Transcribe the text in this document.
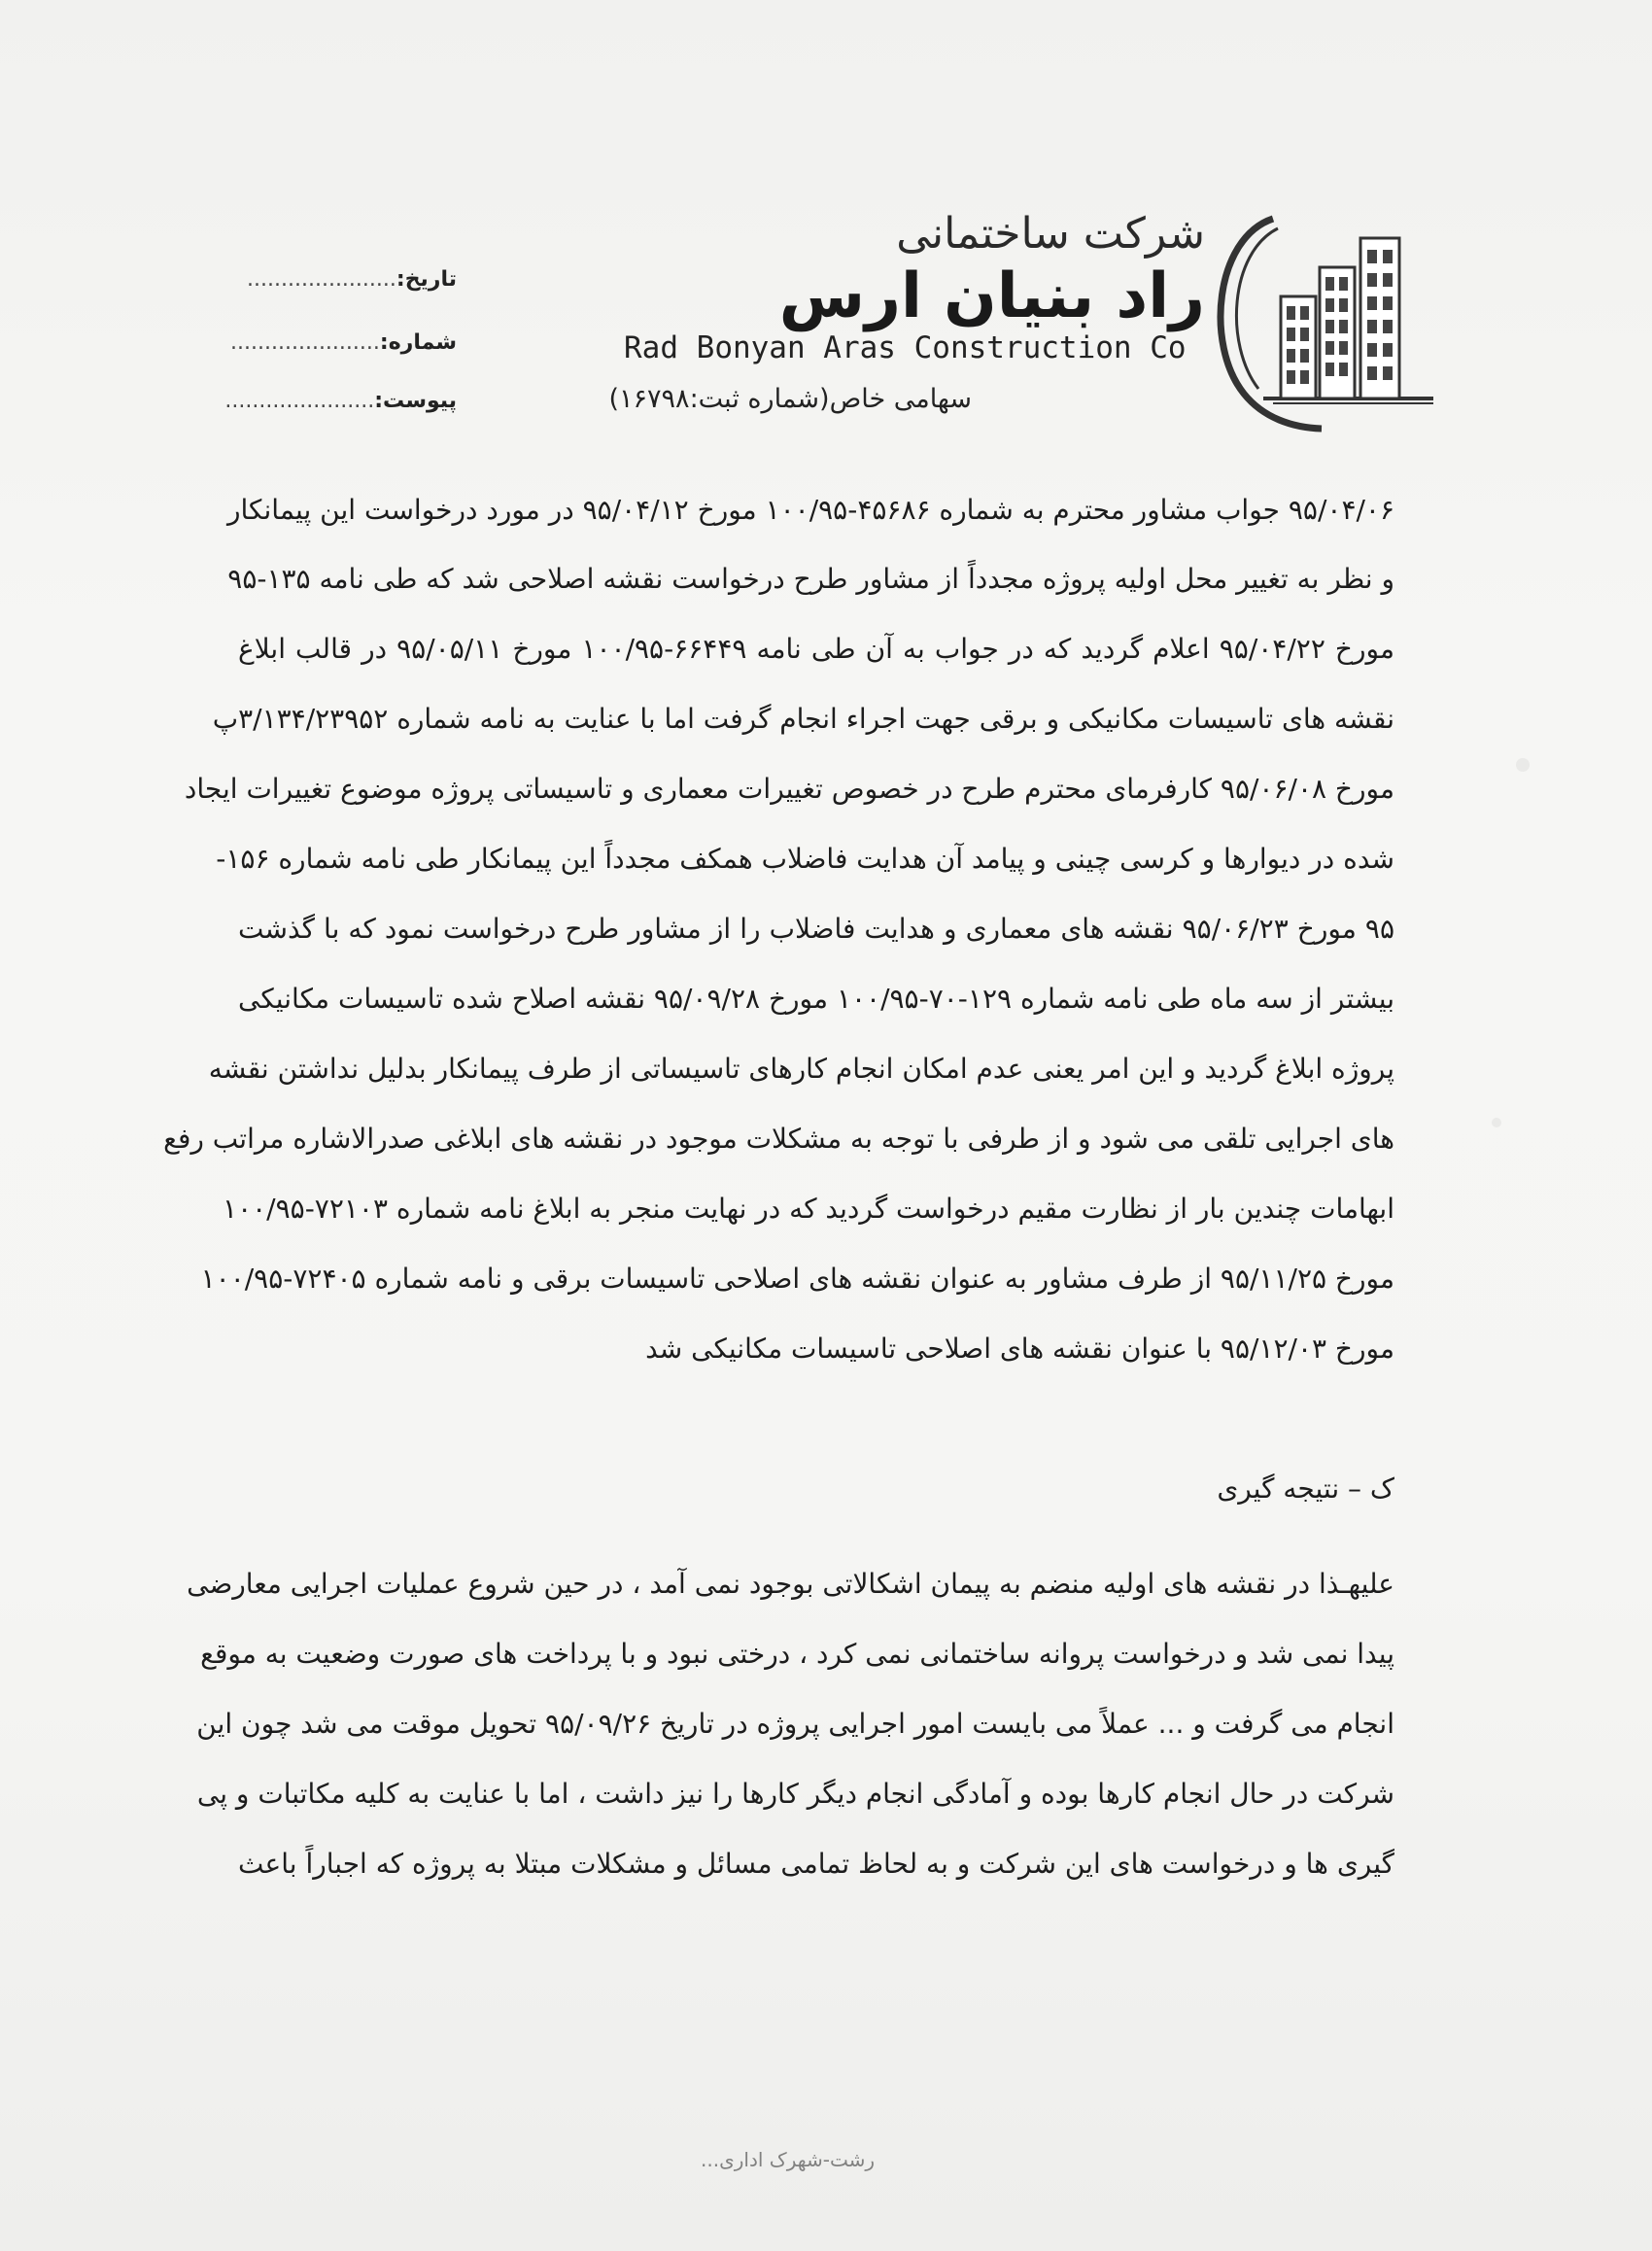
شرکت ساختمانی
راد بنیان ارس
Rad Bonyan Aras Construction Co
سهامی خاص(شماره ثبت:۱۶۷۹۸)
تاریخ:......................
شماره:......................
پیوست:......................
۹۵/۰۴/۰۶ جواب مشاور محترم به شماره ۴۵۶۸۶-۱۰۰/۹۵ مورخ ۹۵/۰۴/۱۲ در مورد درخواست این پیمانکار
و نظر به تغییر محل اولیه پروژه مجدداً از مشاور طرح درخواست نقشه اصلاحی شد که طی نامه ۱۳۵-۹۵
مورخ ۹۵/۰۴/۲۲ اعلام گردید که در جواب به آن طی نامه ۶۶۴۴۹-۱۰۰/۹۵ مورخ ۹۵/۰۵/۱۱ در قالب ابلاغ
نقشه های تاسیسات مکانیکی و برقی جهت اجراء انجام گرفت اما با عنایت به نامه شماره ۳/۱۳۴/۲۳۹۵۲پ
مورخ ۹۵/۰۶/۰۸ کارفرمای محترم طرح در خصوص تغییرات معماری و تاسیساتی پروژه موضوع تغییرات ایجاد
شده در دیوارها و کرسی چینی و پیامد آن هدایت فاضلاب همکف مجدداً این پیمانکار طی نامه شماره ۱۵۶-
۹۵ مورخ ۹۵/۰۶/۲۳ نقشه های معماری و هدایت فاضلاب را از مشاور طرح درخواست نمود که با گذشت
بیشتر از سه ماه طی نامه شماره ۱۲۹-۷۰-۱۰۰/۹۵ مورخ ۹۵/۰۹/۲۸ نقشه اصلاح شده تاسیسات مکانیکی
پروژه ابلاغ گردید و این امر یعنی عدم امکان انجام کارهای تاسیساتی از طرف پیمانکار بدلیل نداشتن نقشه
های اجرایی تلقی می شود و از طرفی با توجه به مشکلات موجود در نقشه های ابلاغی صدرالاشاره مراتب رفع
ابهامات چندین بار از نظارت مقیم درخواست گردید که در نهایت منجر به ابلاغ نامه شماره ۷۲۱۰۳-۱۰۰/۹۵
مورخ ۹۵/۱۱/۲۵ از طرف مشاور به عنوان نقشه های اصلاحی تاسیسات برقی و نامه شماره ۷۲۴۰۵-۱۰۰/۹۵
مورخ ۹۵/۱۲/۰۳ با عنوان نقشه های اصلاحی تاسیسات مکانیکی شد
ک – نتیجه گیری
علیهـذا در نقشه های اولیه منضم به پیمان اشکالاتی بوجود نمی آمد ، در حین شروع عملیات اجرایی معارضی
پیدا نمی شد و درخواست پروانه ساختمانی نمی کرد ، درختی نبود و با پرداخت های صورت وضعیت به موقع
انجام می گرفت و ... عملاً می بایست امور اجرایی پروژه در تاریخ ۹۵/۰۹/۲۶ تحویل موقت می شد چون این
شرکت در حال انجام کارها بوده و آمادگی انجام دیگر کارها را نیز داشت ، اما با عنایت به کلیه مکاتبات و پی
گیری ها و درخواست های این شرکت و به لحاظ تمامی مسائل و مشکلات مبتلا به پروژه که اجباراً باعث
رشت-شهرک اداری...
